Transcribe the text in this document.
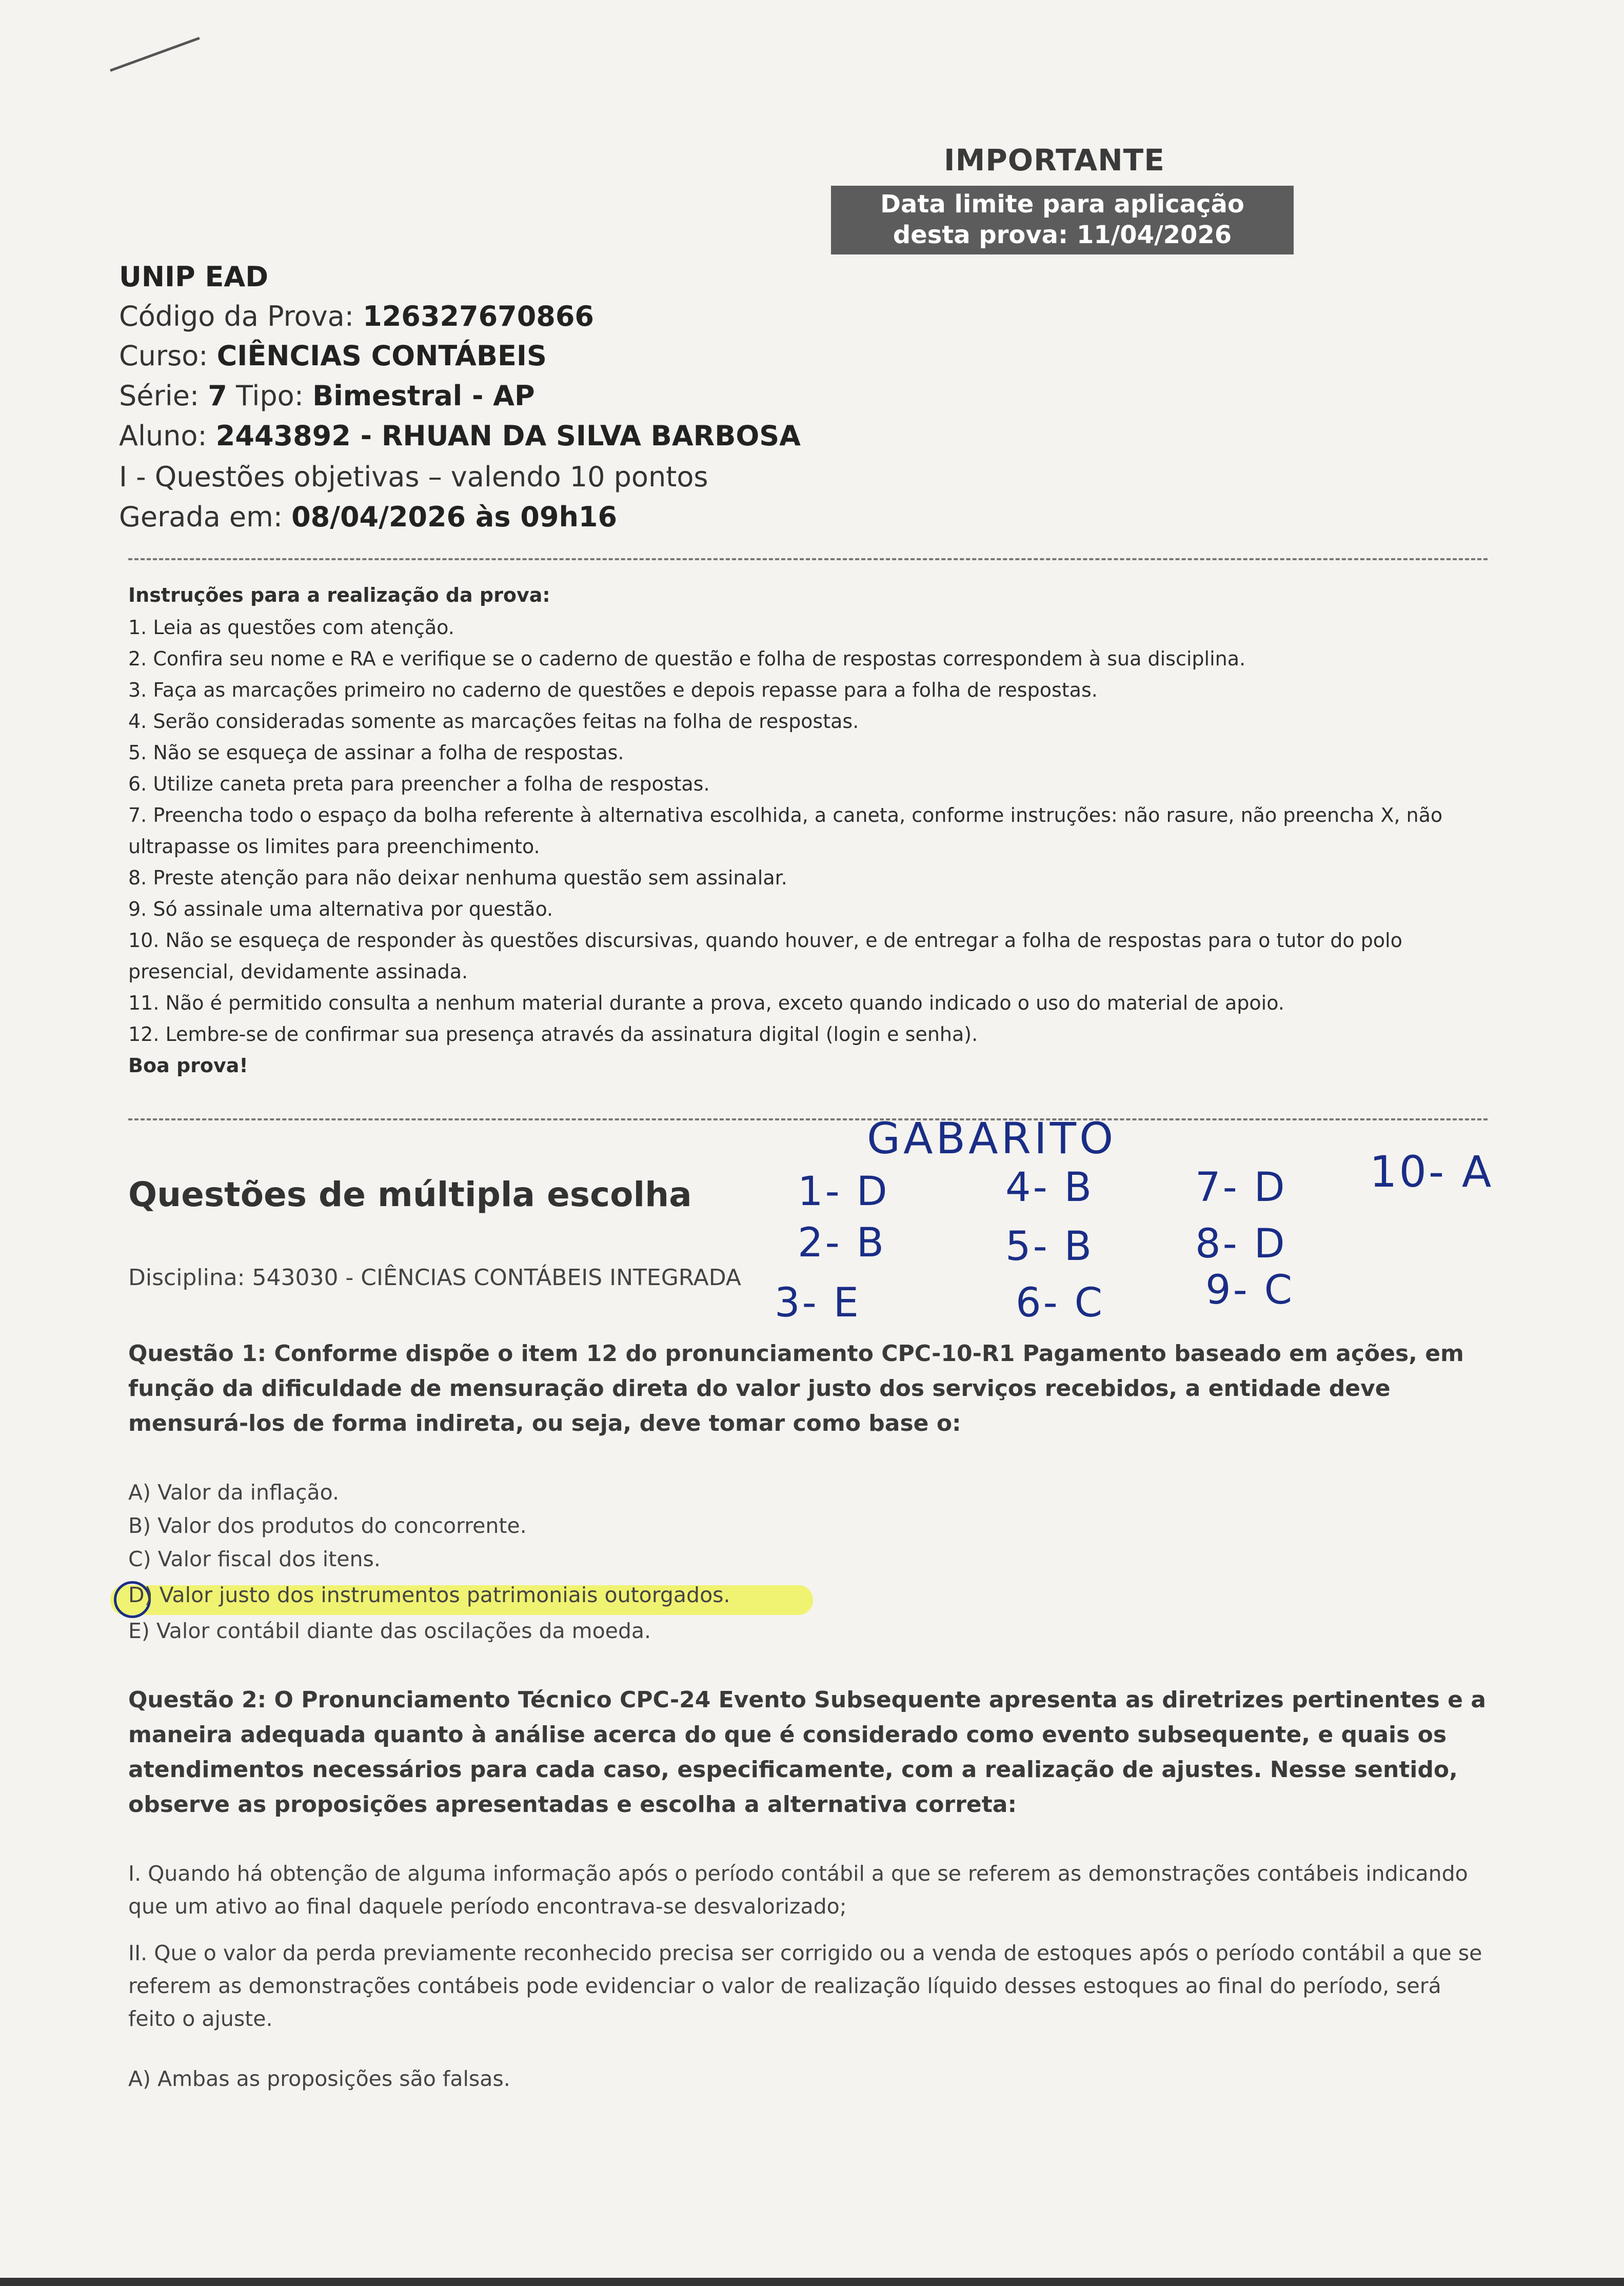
IMPORTANTE
Data limite para aplicação
desta prova: 11/04/2026
UNIP EAD
Código da Prova: 126327670866
Curso: CIÊNCIAS CONTÁBEIS
Série: 7 Tipo: Bimestral - AP
Aluno: 2443892 - RHUAN DA SILVA BARBOSA
I - Questões objetivas – valendo 10 pontos
Gerada em: 08/04/2026 às 09h16
Instruções para a realização da prova:
1. Leia as questões com atenção.
2. Confira seu nome e RA e verifique se o caderno de questão e folha de respostas correspondem à sua disciplina.
3. Faça as marcações primeiro no caderno de questões e depois repasse para a folha de respostas.
4. Serão consideradas somente as marcações feitas na folha de respostas.
5. Não se esqueça de assinar a folha de respostas.
6. Utilize caneta preta para preencher a folha de respostas.
7. Preencha todo o espaço da bolha referente à alternativa escolhida, a caneta, conforme instruções: não rasure, não preencha X, não ultrapasse os limites para preenchimento.
8. Preste atenção para não deixar nenhuma questão sem assinalar.
9. Só assinale uma alternativa por questão.
10. Não se esqueça de responder às questões discursivas, quando houver, e de entregar a folha de respostas para o tutor do polo presencial, devidamente assinada.
11. Não é permitido consulta a nenhum material durante a prova, exceto quando indicado o uso do material de apoio.
12. Lembre-se de confirmar sua presença através da assinatura digital (login e senha).
Boa prova!
Questões de múltipla escolha
Disciplina: 543030 - CIÊNCIAS CONTÁBEIS INTEGRADA
GABARITO
1- D
2- B
3- E
4- B
5- B
6- C
7- D
8- D
9- C
10- A
Questão 1: Conforme dispõe o item 12 do pronunciamento CPC-10-R1 Pagamento baseado em ações, em função da dificuldade de mensuração direta do valor justo dos serviços recebidos, a entidade deve mensurá-los de forma indireta, ou seja, deve tomar como base o:
A) Valor da inflação.
B) Valor dos produtos do concorrente.
C) Valor fiscal dos itens.
D) Valor justo dos instrumentos patrimoniais outorgados.
E) Valor contábil diante das oscilações da moeda.
Questão 2: O Pronunciamento Técnico CPC-24 Evento Subsequente apresenta as diretrizes pertinentes e a maneira adequada quanto à análise acerca do que é considerado como evento subsequente, e quais os atendimentos necessários para cada caso, especificamente, com a realização de ajustes. Nesse sentido, observe as proposições apresentadas e escolha a alternativa correta:
I. Quando há obtenção de alguma informação após o período contábil a que se referem as demonstrações contábeis indicando que um ativo ao final daquele período encontrava-se desvalorizado;
II. Que o valor da perda previamente reconhecido precisa ser corrigido ou a venda de estoques após o período contábil a que se referem as demonstrações contábeis pode evidenciar o valor de realização líquido desses estoques ao final do período, será feito o ajuste.
A) Ambas as proposições são falsas.
